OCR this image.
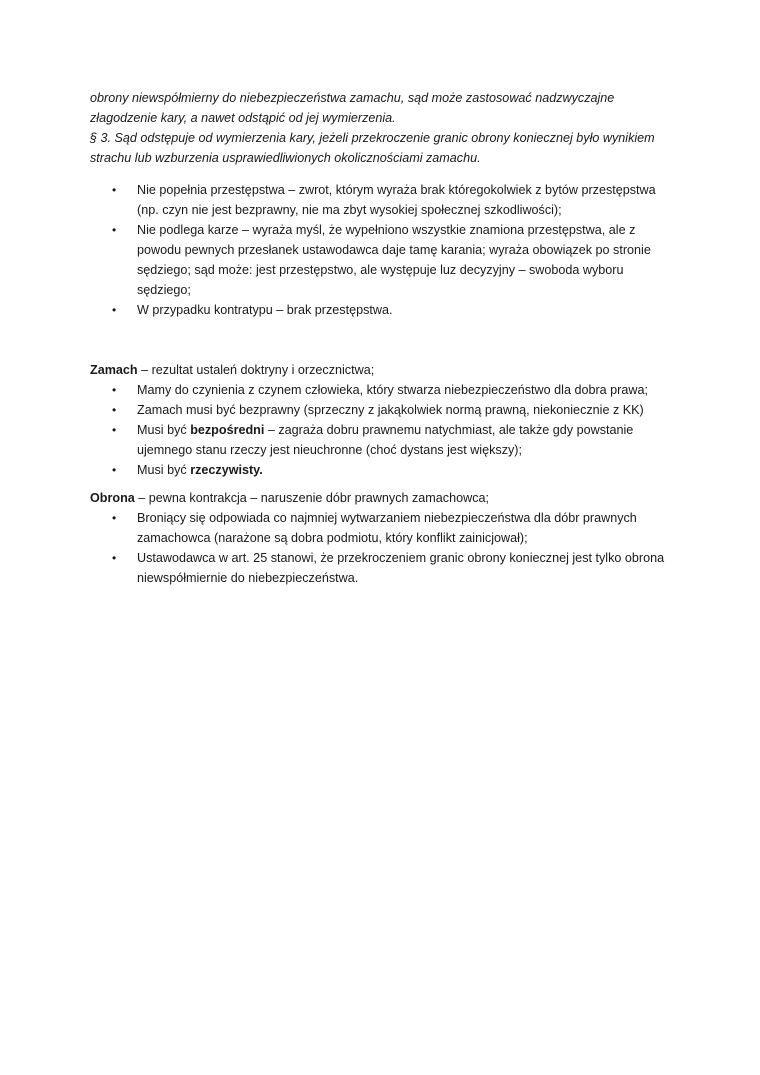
obrony niewspółmierny do niebezpieczeństwa zamachu, sąd może zastosować nadzwyczajne złagodzenie kary, a nawet odstąpić od jej wymierzenia.

§ 3. Sąd odstępuje od wymierzenia kary, jeżeli przekroczenie granic obrony koniecznej było wynikiem strachu lub wzburzenia usprawiedliwionych okolicznościami zamachu.

• Nie popełnia przestępstwa – zwrot, którym wyraża brak któregokolwiek z bytów przestępstwa (np. czyn nie jest bezprawny, nie ma zbyt wysokiej społecznej szkodliwości);
• Nie podlega karze – wyraża myśl, że wypełniono wszystkie znamiona przestępstwa, ale z powodu pewnych przesłanek ustawodawca daje tamę karania; wyraża obowiązek po stronie sędziego; sąd może: jest przestępstwo, ale występuje luz decyzyjny – swoboda wyboru sędziego;
• W przypadku kontratypu – brak przestępstwa.

Zamach – rezultat ustaleń doktryny i orzecznictwa;

• Mamy do czynienia z czynem człowieka, który stwarza niebezpieczeństwo dla dobra prawa;
• Zamach musi być bezprawny (sprzeczny z jakąkolwiek normą prawną, niekoniecznie z KK)
• Musi być bezpośredni – zagraża dobru prawnemu natychmiast, ale także gdy powstanie ujemnego stanu rzeczy jest nieuchronne (choć dystans jest większy);
• Musi być rzeczywisty.

Obrona – pewna kontrakcja – naruszenie dóbr prawnych zamachowca;

• Broniący się odpowiada co najmniej wytwarzaniem niebezpieczeństwa dla dóbr prawnych zamachowca (narażone są dobra podmiotu, który konflikt zainicjował);
• Ustawodawca w art. 25 stanowi, że przekroczeniem granic obrony koniecznej jest tylko obrona niewspółmiernie do niebezpieczeństwa.
